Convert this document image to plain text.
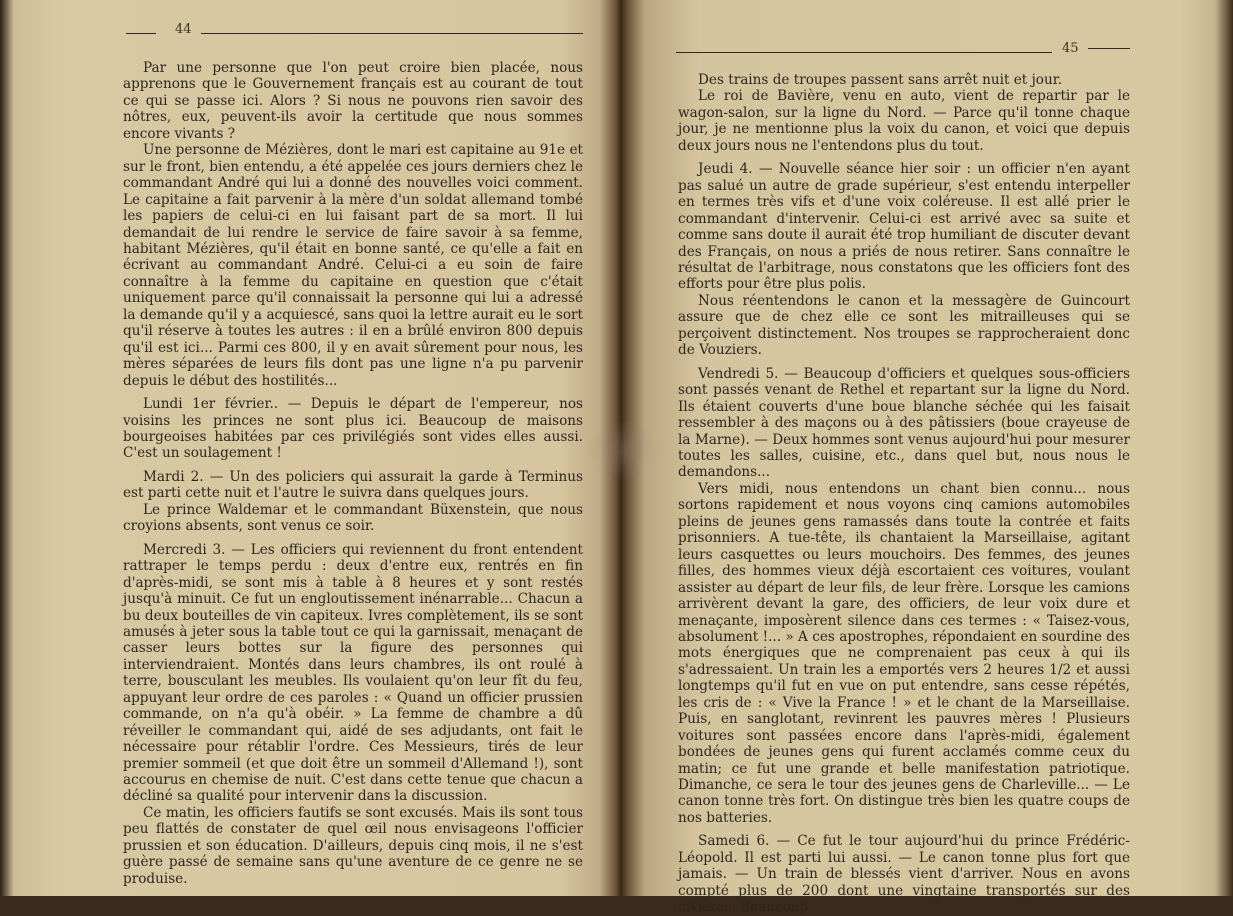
44

Par une personne que l'on peut croire bien placée, nous apprenons que le Gouvernement français est au courant de tout ce qui se passe ici. Alors ? Si nous ne pouvons rien savoir des nôtres, eux, peuvent-ils avoir la certitude que nous sommes encore vivants ?

Une personne de Mézières, dont le mari est capitaine au 91e et sur le front, bien entendu, a été appelée ces jours derniers chez le commandant André qui lui a donné des nouvelles voici comment. Le capitaine a fait parvenir à la mère d'un soldat allemand tombé les papiers de celui-ci en lui faisant part de sa mort. Il lui demandait de lui rendre le service de faire savoir à sa femme, habitant Mézières, qu'il était en bonne santé, ce qu'elle a fait en écrivant au commandant André. Celui-ci a eu soin de faire connaître à la femme du capitaine en question que c'était uniquement parce qu'il connaissait la personne qui lui a adressé la demande qu'il y a acquiescé, sans quoi la lettre aurait eu le sort qu'il réserve à toutes les autres : il en a brûlé environ 800 depuis qu'il est ici... Parmi ces 800, il y en avait sûrement pour nous, les mères séparées de leurs fils dont pas une ligne n'a pu parvenir depuis le début des hostilités...

Lundi 1er février.. — Depuis le départ de l'empereur, nos voisins les princes ne sont plus ici. Beaucoup de maisons bourgeoises habitées par ces privilégiés sont vides elles aussi. C'est un soulagement !

Mardi 2. — Un des policiers qui assurait la garde à Terminus est parti cette nuit et l'autre le suivra dans quelques jours.

Le prince Waldemar et le commandant Büxenstein, que nous croyions absents, sont venus ce soir.

Mercredi 3. — Les officiers qui reviennent du front entendent rattraper le temps perdu : deux d'entre eux, rentrés en fin d'après-midi, se sont mis à table à 8 heures et y sont restés jusqu'à minuit. Ce fut un engloutissement inénarrable... Chacun a bu deux bouteilles de vin capiteux. Ivres complètement, ils se sont amusés à jeter sous la table tout ce qui la garnissait, menaçant de casser leurs bottes sur la figure des personnes qui interviendraient. Montés dans leurs chambres, ils ont roulé à terre, bousculant les meubles. Ils voulaient qu'on leur fît du feu, appuyant leur ordre de ces paroles : « Quand un officier prussien commande, on n'a qu'à obéir. » La femme de chambre a dû réveiller le commandant qui, aidé de ses adjudants, ont fait le nécessaire pour rétablir l'ordre. Ces Messieurs, tirés de leur premier sommeil (et que doit être un sommeil d'Allemand !), sont accourus en chemise de nuit. C'est dans cette tenue que chacun a décliné sa qualité pour intervenir dans la discussion.

Ce matin, les officiers fautifs se sont excusés. Mais ils sont tous peu flattés de constater de quel œil nous envisageons l'officier prussien et son éducation. D'ailleurs, depuis cinq mois, il ne s'est guère passé de semaine sans qu'une aventure de ce genre ne se produise.

45

Des trains de troupes passent sans arrêt nuit et jour.

Le roi de Bavière, venu en auto, vient de repartir par le wagon-salon, sur la ligne du Nord. — Parce qu'il tonne chaque jour, je ne mentionne plus la voix du canon, et voici que depuis deux jours nous ne l'entendons plus du tout.

Jeudi 4. — Nouvelle séance hier soir : un officier n'en ayant pas salué un autre de grade supérieur, s'est entendu interpeller en termes très vifs et d'une voix coléreuse. Il est allé prier le commandant d'intervenir. Celui-ci est arrivé avec sa suite et comme sans doute il aurait été trop humiliant de discuter devant des Français, on nous a priés de nous retirer. Sans connaître le résultat de l'arbitrage, nous constatons que les officiers font des efforts pour être plus polis.

Nous réentendons le canon et la messagère de Guincourt assure que de chez elle ce sont les mitrailleuses qui se perçoivent distinctement. Nos troupes se rapprocheraient donc de Vouziers.

Vendredi 5. — Beaucoup d'officiers et quelques sous-officiers sont passés venant de Rethel et repartant sur la ligne du Nord. Ils étaient couverts d'une boue blanche séchée qui les faisait ressembler à des maçons ou à des pâtissiers (boue crayeuse de la Marne). — Deux hommes sont venus aujourd'hui pour mesurer toutes les salles, cuisine, etc., dans quel but, nous nous le demandons...

Vers midi, nous entendons un chant bien connu... nous sortons rapidement et nous voyons cinq camions automobiles pleins de jeunes gens ramassés dans toute la contrée et faits prisonniers. A tue-tête, ils chantaient la Marseillaise, agitant leurs casquettes ou leurs mouchoirs. Des femmes, des jeunes filles, des hommes vieux déjà escortaient ces voitures, voulant assister au départ de leur fils, de leur frère. Lorsque les camions arrivèrent devant la gare, des officiers, de leur voix dure et menaçante, imposèrent silence dans ces termes : « Taisez-vous, absolument !... » A ces apostrophes, répondaient en sourdine des mots énergiques que ne comprenaient pas ceux à qui ils s'adressaient. Un train les a emportés vers 2 heures 1/2 et aussi longtemps qu'il fut en vue on put entendre, sans cesse répétés, les cris de : « Vive la France ! » et le chant de la Marseillaise. Puis, en sanglotant, revinrent les pauvres mères ! Plusieurs voitures sont passées encore dans l'après-midi, également bondées de jeunes gens qui furent acclamés comme ceux du matin; ce fut une grande et belle manifestation patriotique. Dimanche, ce sera le tour des jeunes gens de Charleville... — Le canon tonne très fort. On distingue très bien les quatre coups de nos batteries.

Samedi 6. — Ce fut le tour aujourd'hui du prince Frédéric-Léopold. Il est parti lui aussi. — Le canon tonne plus fort que jamais. — Un train de blessés vient d'arriver. Nous en avons compté plus de 200 dont une vingtaine transportés sur des civières. Beaucoup
